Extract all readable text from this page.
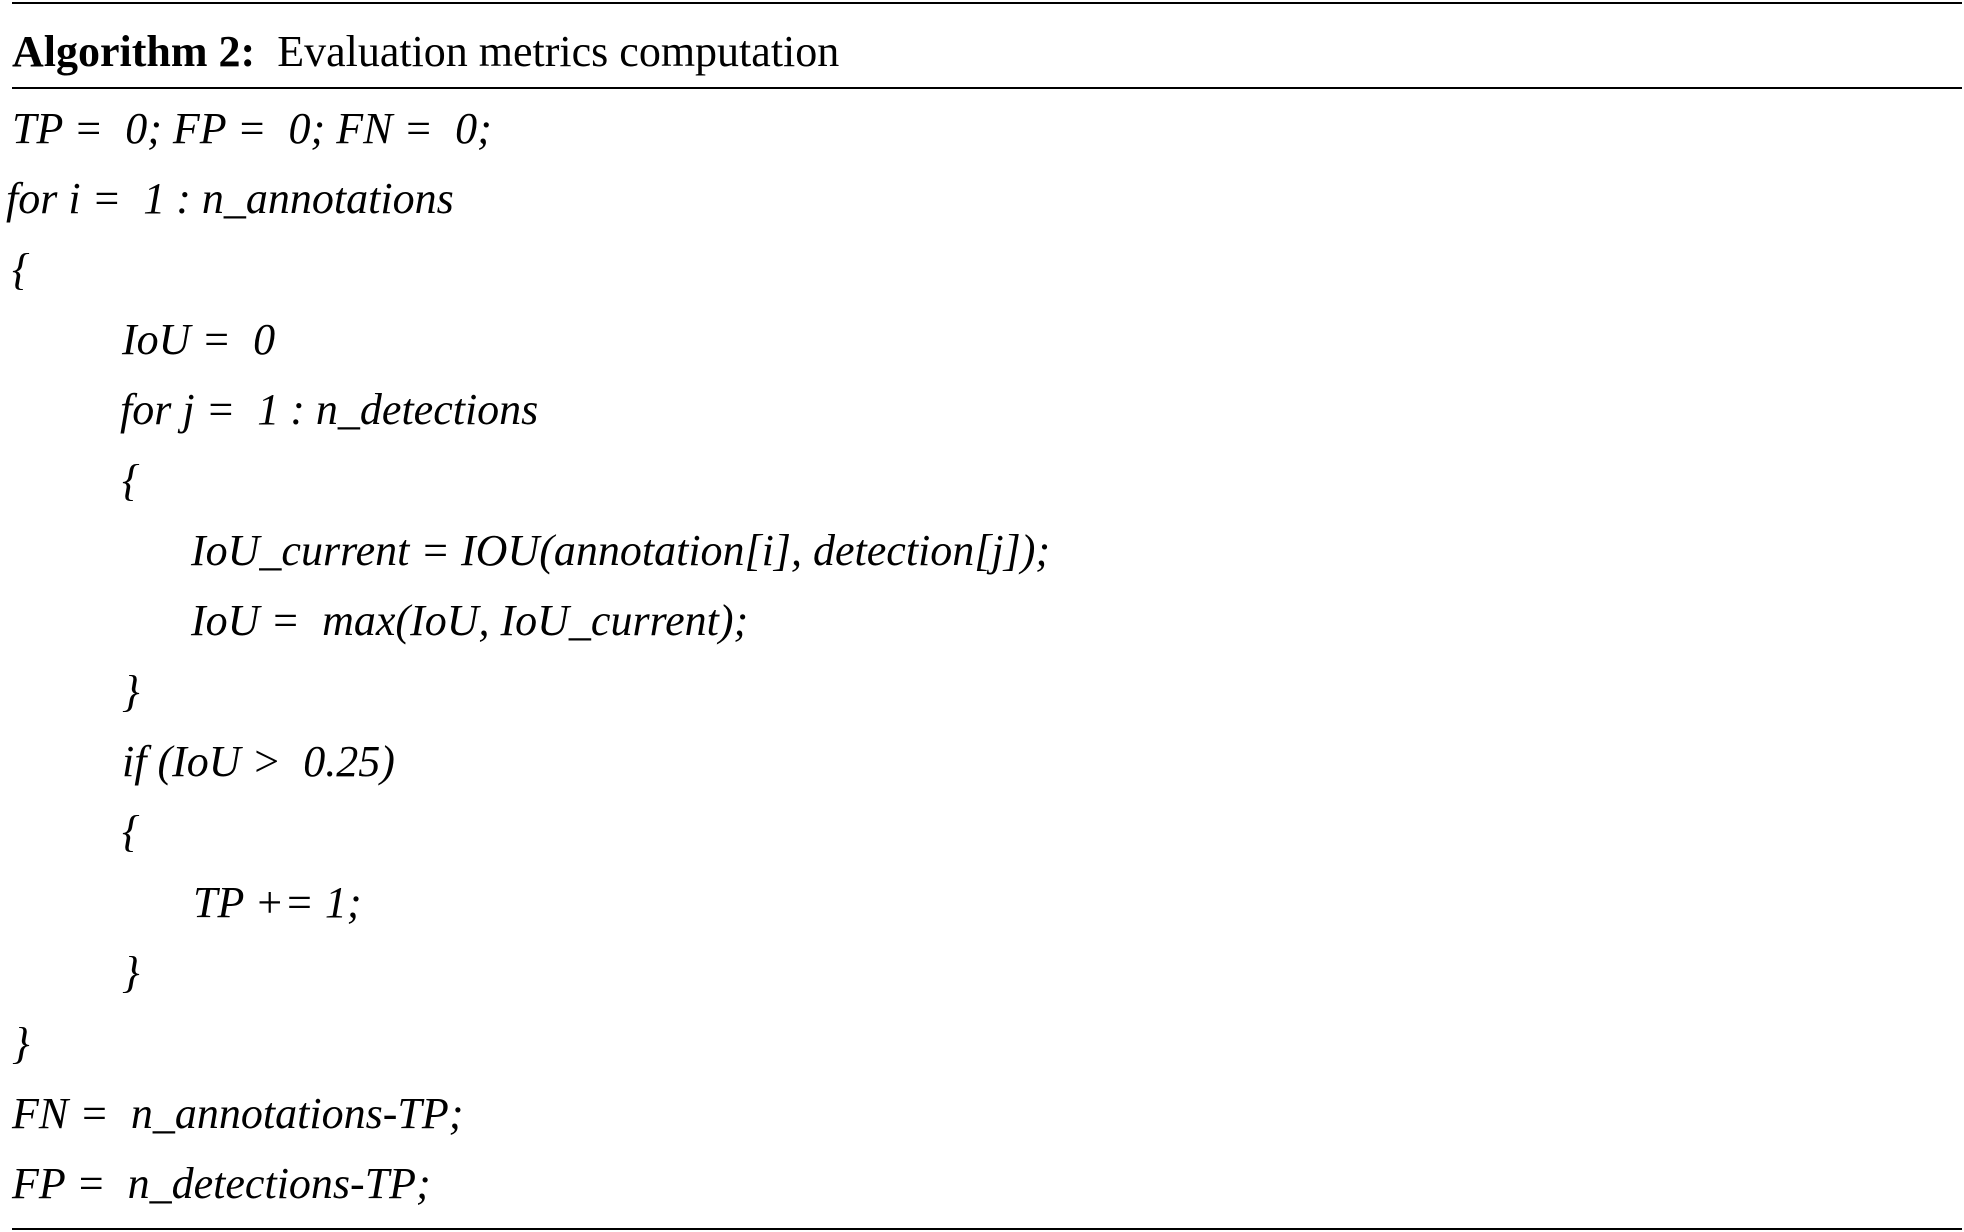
Algorithm 2: Evaluation metrics computation
TP =  0; FP =  0; FN =  0;
for i =  1 : n_annotations
{
IoU =  0
for j =  1 : n_detections
{
IoU_current = IOU(annotation[i], detection[j]);
IoU =  max(IoU, IoU_current);
}
if (IoU >  0.25)
{
TP += 1;
}
}
FN =  n_annotations-TP;
FP =  n_detections-TP;
